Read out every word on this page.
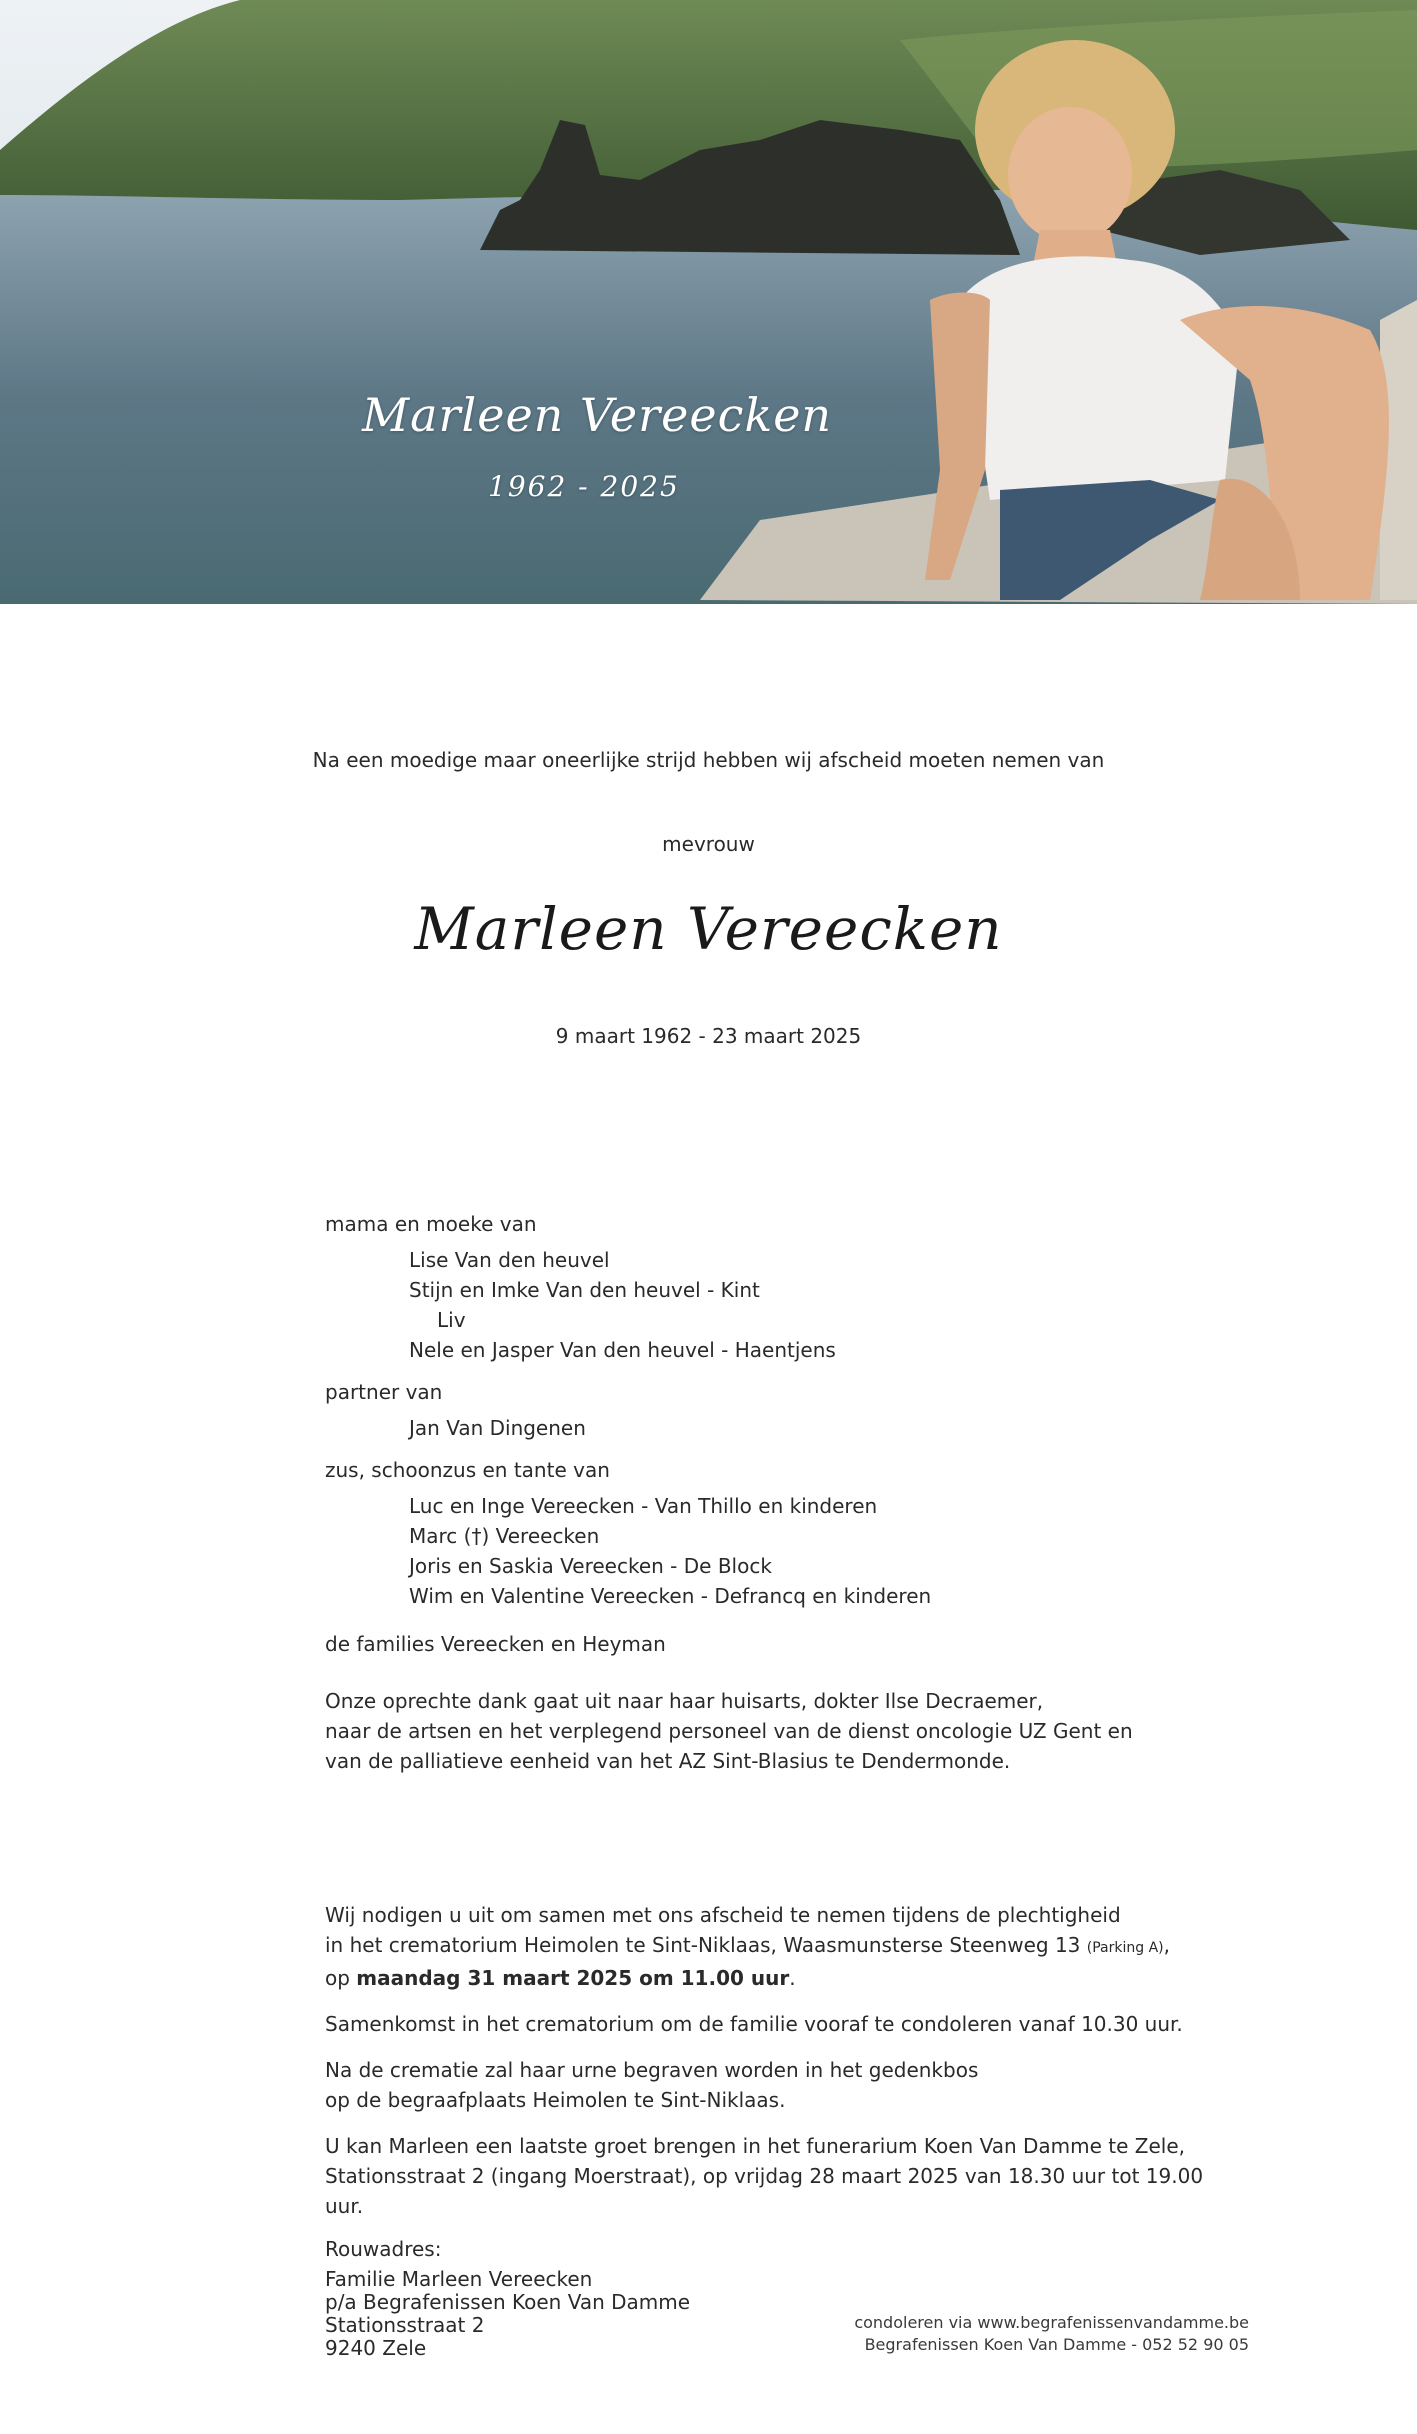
Marleen Vereecken
1962 - 2025
Na een moedige maar oneerlijke strijd hebben wij afscheid moeten nemen van
mevrouw
Marleen Vereecken
9 maart 1962 - 23 maart 2025

mama en moeke van

Lise Van den heuvel

Stijn en Imke Van den heuvel - Kint

Liv

Nele en Jasper Van den heuvel - Haentjens

partner van

Jan Van Dingenen

zus, schoonzus en tante van

Luc en Inge Vereecken - Van Thillo en kinderen

Marc (†) Vereecken

Joris en Saskia Vereecken - De Block

Wim en Valentine Vereecken - Defrancq en kinderen

de families Vereecken en Heyman

Onze oprechte dank gaat uit naar haar huisarts, dokter Ilse Decraemer,

naar de artsen en het verplegend personeel van de dienst oncologie UZ Gent en

van de palliatieve eenheid van het AZ Sint-Blasius te Dendermonde.

Wij nodigen u uit om samen met ons afscheid te nemen tijdens de plechtigheid

in het crematorium Heimolen te Sint-Niklaas, Waasmunsterse Steenweg 13 (Parking A),

op maandag 31 maart 2025 om 11.00 uur.

Samenkomst in het crematorium om de familie vooraf te condoleren vanaf 10.30 uur.

Na de crematie zal haar urne begraven worden in het gedenkbos

op de begraafplaats Heimolen te Sint-Niklaas.

U kan Marleen een laatste groet brengen in het funerarium Koen Van Damme te Zele,

Stationsstraat 2 (ingang Moerstraat), op vrijdag 28 maart 2025 van 18.30 uur tot 19.00 uur.

Rouwadres:

Familie Marleen Vereecken

p/a Begrafenissen Koen Van Damme

Stationsstraat 2

9240 Zele

condoleren via www.begrafenissenvandamme.be
Begrafenissen Koen Van Damme - 052 52 90 05
